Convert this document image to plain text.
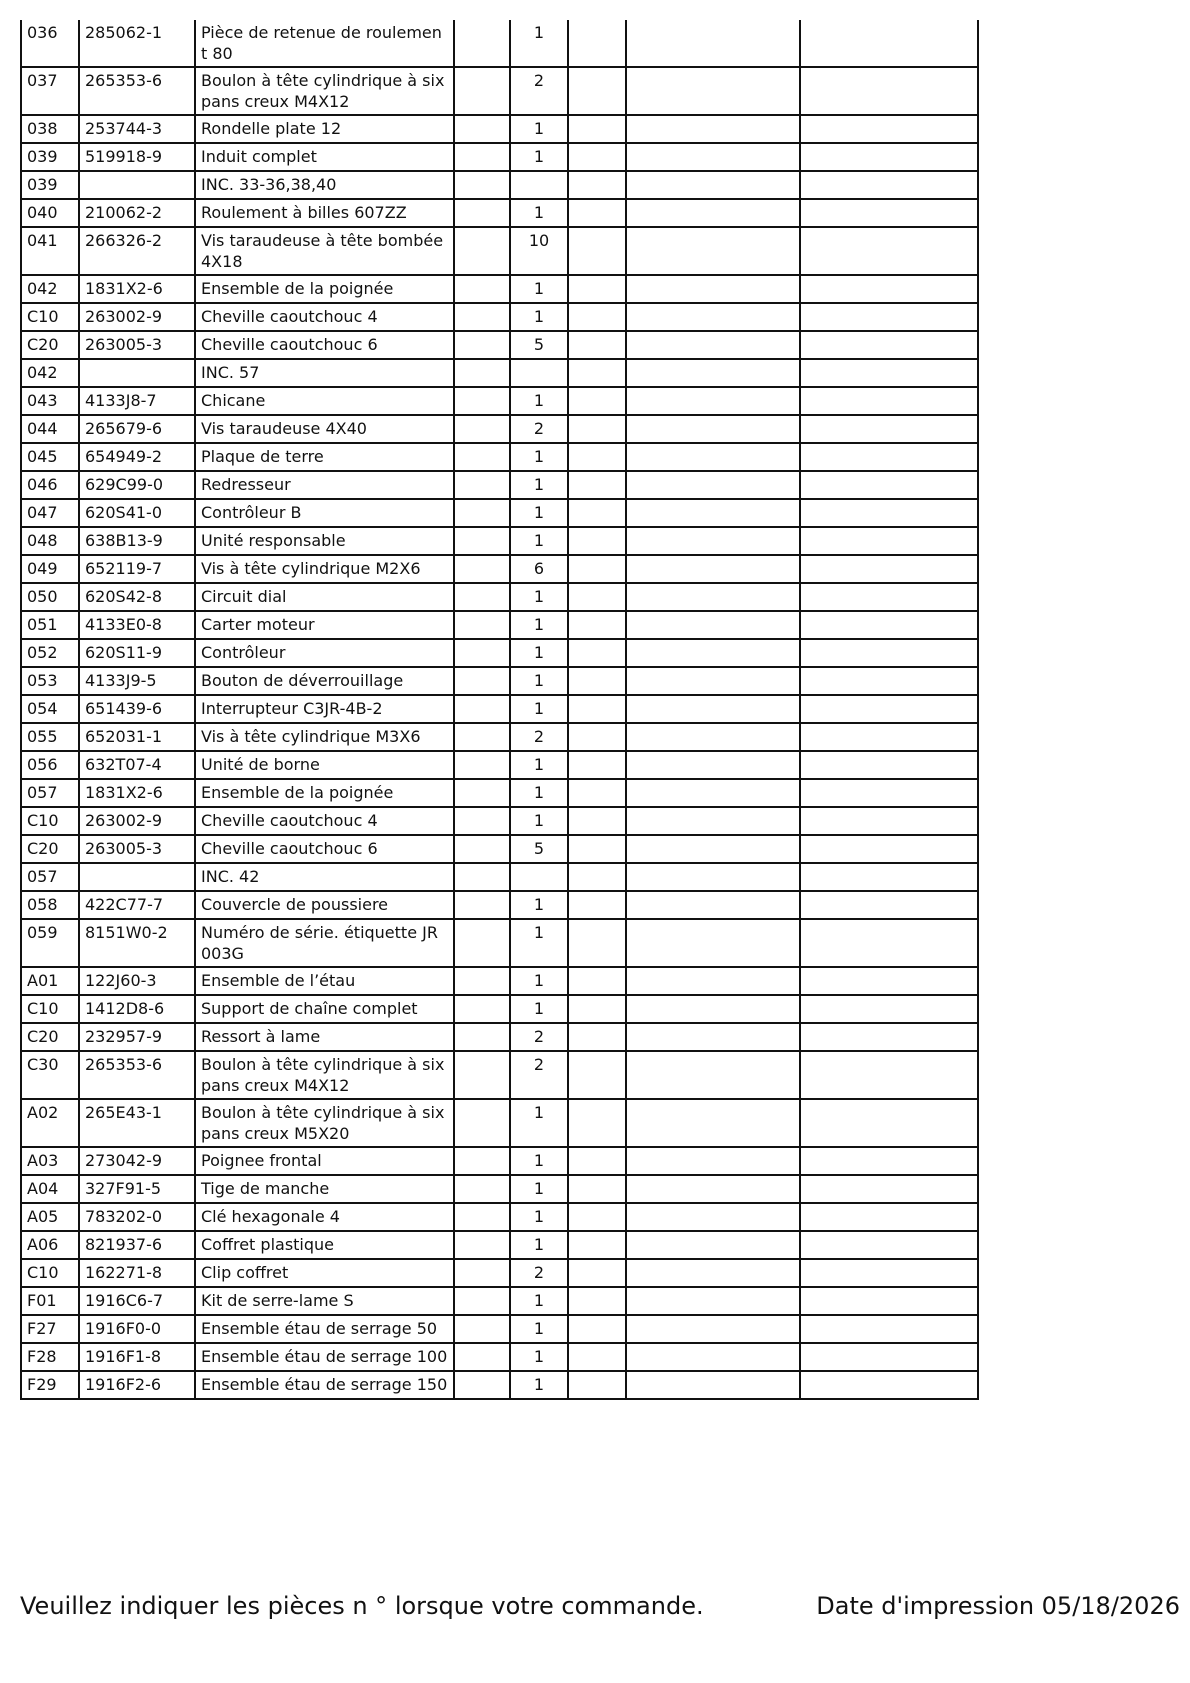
036	285062-1	Pièce de retenue de roulement 80		1			
037	265353-6	Boulon à tête cylindrique à six pans creux M4X12		2			
038	253744-3	Rondelle plate 12		1			
039	519918-9	Induit complet		1			
039		INC. 33-36,38,40					
040	210062-2	Roulement à billes 607ZZ		1			
041	266326-2	Vis taraudeuse à tête bombée 4X18		10			
042	1831X2-6	Ensemble de la poignée		1			
C10	263002-9	Cheville caoutchouc 4		1			
C20	263005-3	Cheville caoutchouc 6		5			
042		INC. 57					
043	4133J8-7	Chicane		1			
044	265679-6	Vis taraudeuse 4X40		2			
045	654949-2	Plaque de terre		1			
046	629C99-0	Redresseur		1			
047	620S41-0	Contrôleur B		1			
048	638B13-9	Unité responsable		1			
049	652119-7	Vis à tête cylindrique M2X6		6			
050	620S42-8	Circuit dial		1			
051	4133E0-8	Carter moteur		1			
052	620S11-9	Contrôleur		1			
053	4133J9-5	Bouton de déverrouillage		1			
054	651439-6	Interrupteur C3JR-4B-2		1			
055	652031-1	Vis à tête cylindrique M3X6		2			
056	632T07-4	Unité de borne		1			
057	1831X2-6	Ensemble de la poignée		1			
C10	263002-9	Cheville caoutchouc 4		1			
C20	263005-3	Cheville caoutchouc 6		5			
057		INC. 42					
058	422C77-7	Couvercle de poussiere		1			
059	8151W0-2	Numéro de série. étiquette JR003G		1			
A01	122J60-3	Ensemble de l’étau		1			
C10	1412D8-6	Support de chaîne complet		1			
C20	232957-9	Ressort à lame		2			
C30	265353-6	Boulon à tête cylindrique à six pans creux M4X12		2			
A02	265E43-1	Boulon à tête cylindrique à six pans creux M5X20		1			
A03	273042-9	Poignee frontal		1			
A04	327F91-5	Tige de manche		1			
A05	783202-0	Clé hexagonale 4		1			
A06	821937-6	Coffret plastique		1			
C10	162271-8	Clip coffret		2			
F01	1916C6-7	Kit de serre-lame S		1			
F27	1916F0-0	Ensemble étau de serrage 50		1			
F28	1916F1-8	Ensemble étau de serrage 100		1			
F29	1916F2-6	Ensemble étau de serrage 150		1			
Veuillez indiquer les pièces n ° lorsque votre commande.	Date d'impression 05/18/2026
